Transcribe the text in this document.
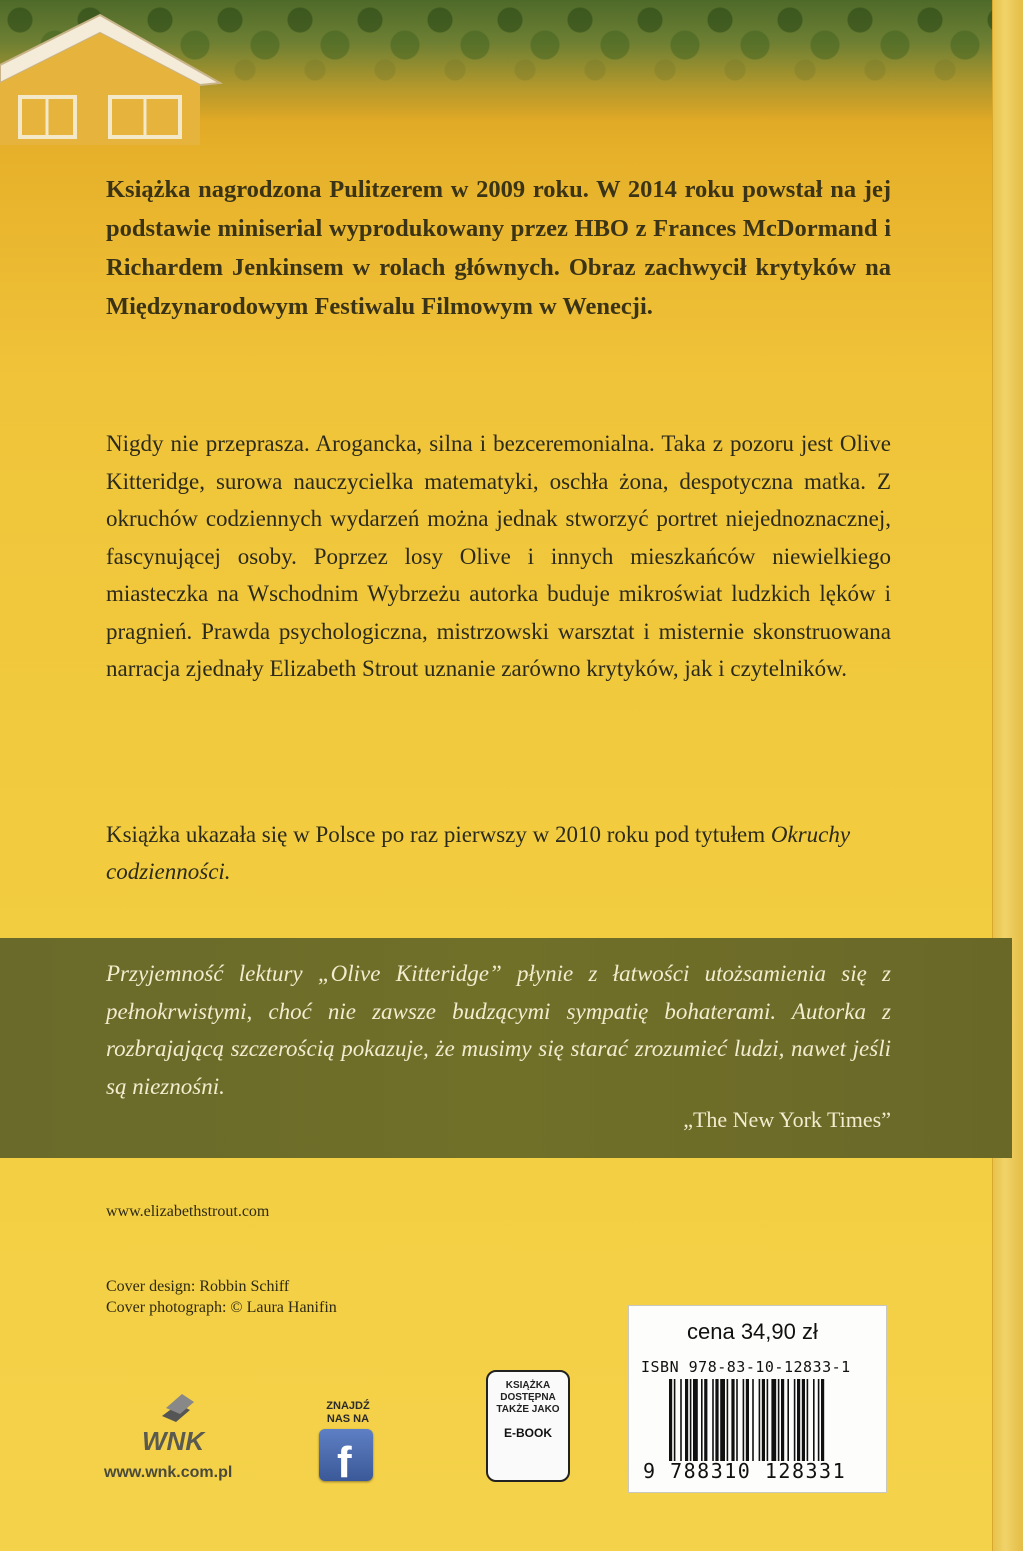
Książka nagrodzona Pulitzerem w 2009 roku. W 2014 roku powstał na jej podstawie miniserial wyprodukowany przez HBO z Frances McDormand i Richardem Jenkinsem w rolach głównych. Obraz zachwycił krytyków na Międzynarodowym Festiwalu Filmowym w Wenecji.

Nigdy nie przeprasza. Arogancka, silna i bezceremonialna. Taka z pozoru jest Olive Kitteridge, surowa nauczycielka matematyki, oschła żona, despotyczna matka. Z okruchów codziennych wydarzeń można jednak stworzyć portret niejednoznacznej, fascynującej osoby. Poprzez losy Olive i innych mieszkańców niewielkiego miasteczka na Wschodnim Wybrzeżu autorka buduje mikroświat ludzkich lęków i pragnień. Prawda psychologiczna, mistrzowski warsztat i misternie skonstruowana narracja zjednały Elizabeth Strout uznanie zarówno krytyków, jak i czytelników.

Książka ukazała się w Polsce po raz pierwszy w 2010 roku pod tytułem Okruchy codzienności.

Przyjemność lektury „Olive Kitteridge” płynie z łatwości utożsamienia się z pełnokrwistymi, choć nie zawsze budzącymi sympatię bohaterami. Autorka z rozbrajającą szczerością pokazuje, że musimy się starać zrozumieć ludzi, nawet jeśli są nieznośni.

„The New York Times”

www.elizabethstrout.com

Cover design: Robbin Schiff

Cover photograph: © Laura Hanifin

WNK

www.wnk.com.pl

ZNAJDŹ NAS NA

f

KSIĄŻKA DOSTĘPNA TAKŻE JAKO

E-BOOK

cena 34,90 zł

ISBN 978-83-10-12833-1

9 788310 128331
